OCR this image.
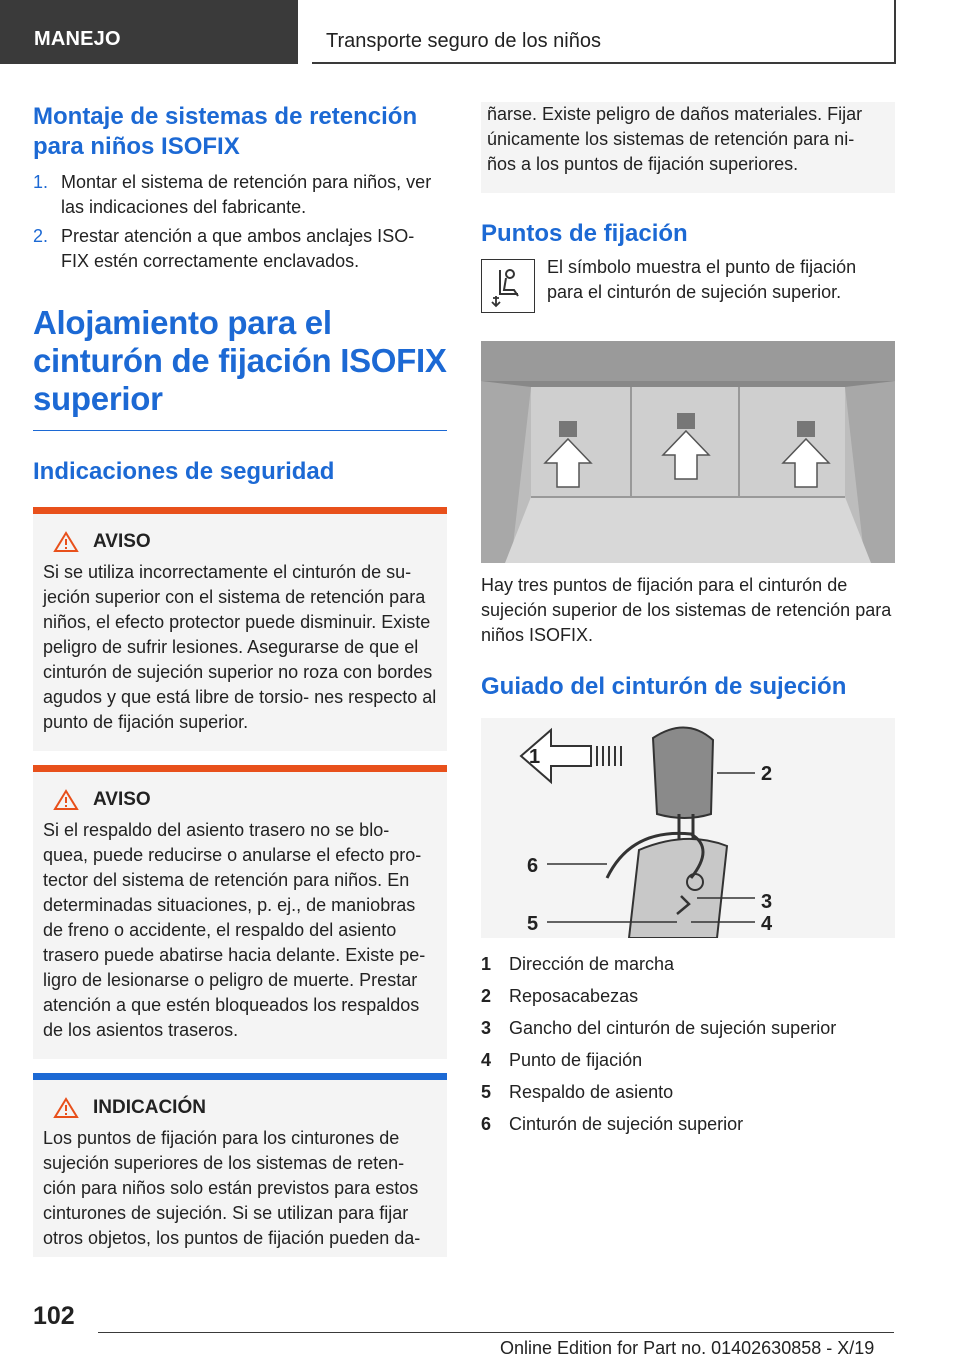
MANEJO	Transporte seguro de los niños
Montaje de sistemas de retención para niños ISOFIX
1. Montar el sistema de retención para niños, ver las indicaciones del fabricante.
2. Prestar atención a que ambos anclajes ISO- FIX estén correctamente enclavados.
Alojamiento para el cinturón de fijación ISOFIX superior
Indicaciones de seguridad
AVISO

Si se utiliza incorrectamente el cinturón de su- jeción superior con el sistema de retención para niños, el efecto protector puede disminuir. Existe peligro de sufrir lesiones. Asegurarse de que el cinturón de sujeción superior no roza con bordes agudos y que está libre de torsio- nes respecto al punto de fijación superior.

AVISO

Si el respaldo del asiento trasero no se blo- quea, puede reducirse o anularse el efecto pro- tector del sistema de retención para niños. En determinadas situaciones, p. ej., de maniobras de freno o accidente, el respaldo del asiento trasero puede abatirse hacia delante. Existe pe- ligro de lesionarse o peligro de muerte. Prestar atención a que estén bloqueados los respaldos de los asientos traseros.

INDICACIÓN

Los puntos de fijación para los cinturones de sujeción superiores de los sistemas de reten- ción para niños solo están previstos para estos cinturones de sujeción. Si se utilizan para fijar otros objetos, los puntos de fijación pueden da-

ñarse. Existe peligro de daños materiales. Fijar únicamente los sistemas de retención para ni- ños a los puntos de fijación superiores.

Puntos de fijación

El símbolo muestra el punto de fijación para el cinturón de sujeción superior.

Hay tres puntos de fijación para el cinturón de sujeción superior de los sistemas de retención para niños ISOFIX.

Guiado del cinturón de sujeción
1
2
3
4
5
6
1 Dirección de marcha
2 Reposacabezas
3 Gancho del cinturón de sujeción superior
4 Punto de fijación
5 Respaldo de asiento
6 Cinturón de sujeción superior
102
Online Edition for Part no. 01402630858 - X/19
